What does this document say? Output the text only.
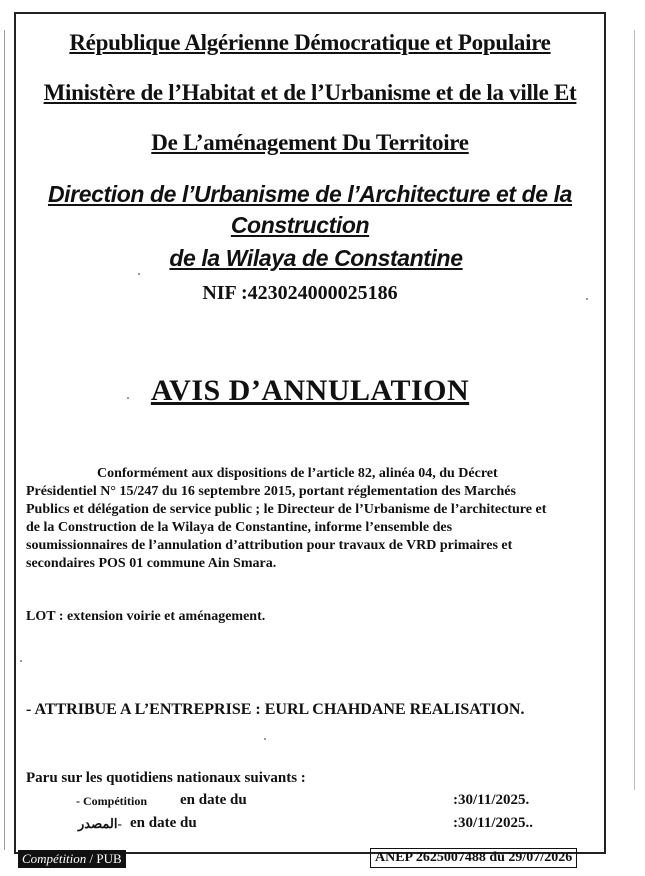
République Algérienne Démocratique et Populaire
Ministère de l’Habitat et de l’Urbanisme et de la ville Et
De L’aménagement Du Territoire
Direction de l’Urbanisme de l’Architecture et de la
Construction
de la Wilaya de Constantine
NIF :423024000025186
AVIS D’ANNULATION
Conformément aux dispositions de l’article 82, alinéa 04, du Décret
Présidentiel N° 15/247 du 16 septembre 2015, portant réglementation des Marchés
Publics et délégation de service public ; le Directeur de l’Urbanisme de l’architecture et
de la Construction de la Wilaya de Constantine, informe l’ensemble des
soumissionnaires de l’annulation d’attribution pour travaux de VRD primaires et
secondaires POS 01 commune Ain Smara.
LOT : extension voirie et aménagement.
- ATTRIBUE A L’ENTREPRISE : EURL CHAHDANE REALISATION.
Paru sur les quotidiens nationaux suivants :
- Compétition en date du	:30/11/2025.
المصدر- en date du	:30/11/2025..
Compétition / PUB	ANEP 2625007488 du 29/07/2026
